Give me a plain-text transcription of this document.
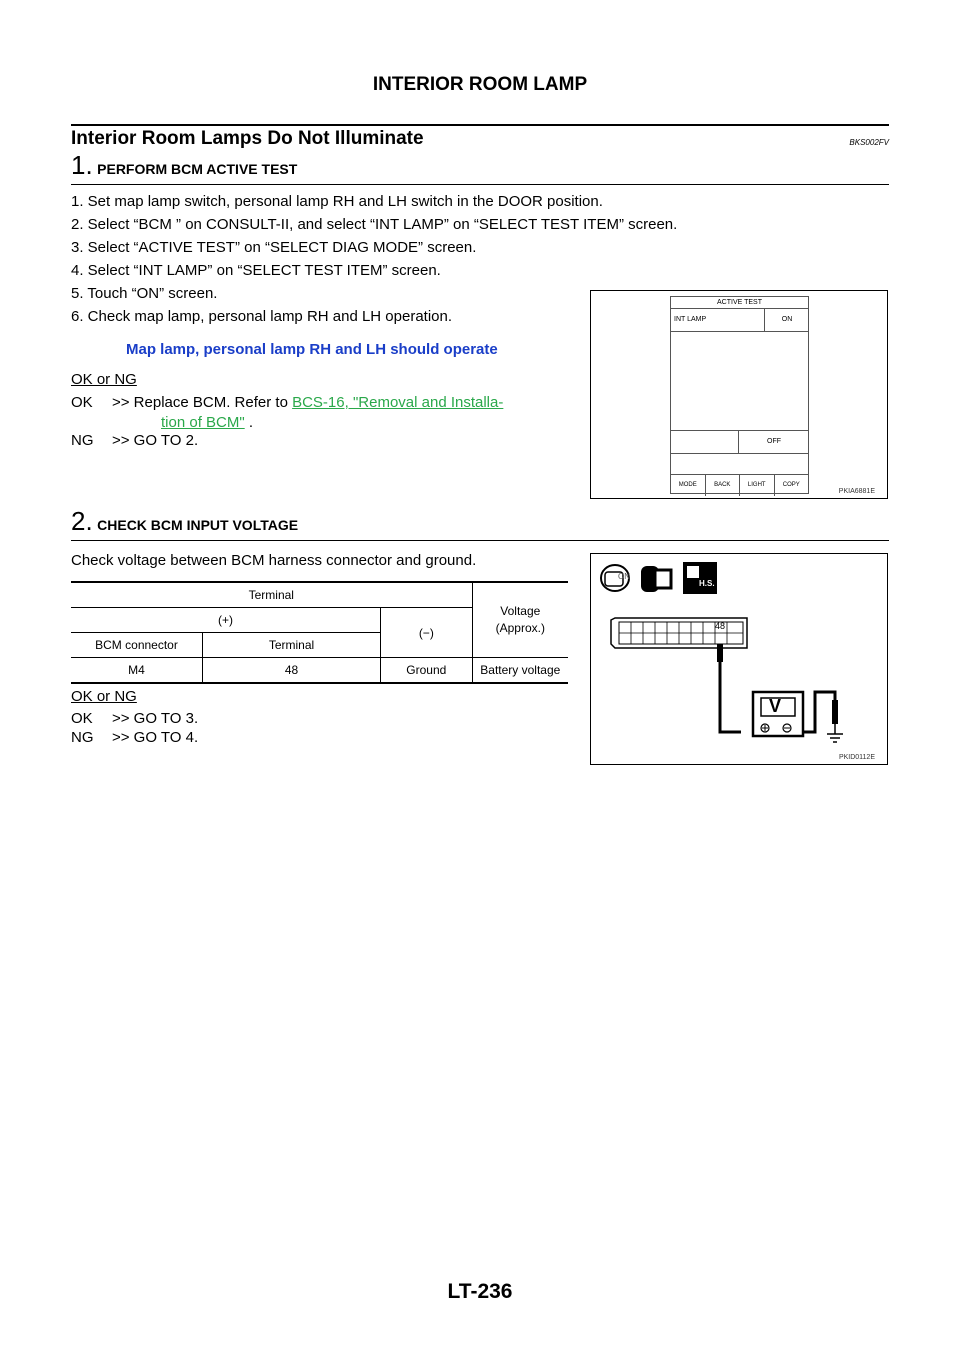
INTERIOR ROOM LAMP
Interior Room Lamps Do Not Illuminate	BKS002FV
1. PERFORM BCM ACTIVE TEST
1. Set map lamp switch, personal lamp RH and LH switch in the DOOR position.
2. Select “BCM ” on CONSULT-II, and select “INT LAMP” on “SELECT TEST ITEM” screen.
3. Select “ACTIVE TEST” on “SELECT DIAG MODE” screen.
4. Select “INT LAMP” on “SELECT TEST ITEM” screen.
5. Touch “ON” screen.
6. Check map lamp, personal lamp RH and LH operation.
Map lamp, personal lamp RH and LH should operate
OK or NG
OK >> Replace BCM. Refer to BCS-16, "Removal and Installa-
tion of BCM" .
NG >> GO TO 2.
ACTIVE TEST
INT LAMP	ON
OFF
MODE	BACK	LIGHT	COPY
PKIA6881E
2. CHECK BCM INPUT VOLTAGE
Check voltage between BCM harness connector and ground.
Terminal			Voltage
(Approx.)

(+)		(−)	
BCM connector	Terminal		
M4	48	Ground	Battery voltage
OK or NG
OK >> GO TO 3.
NG >> GO TO 4.
ON
H.S.
48
V
PKID0112E
LT-236
